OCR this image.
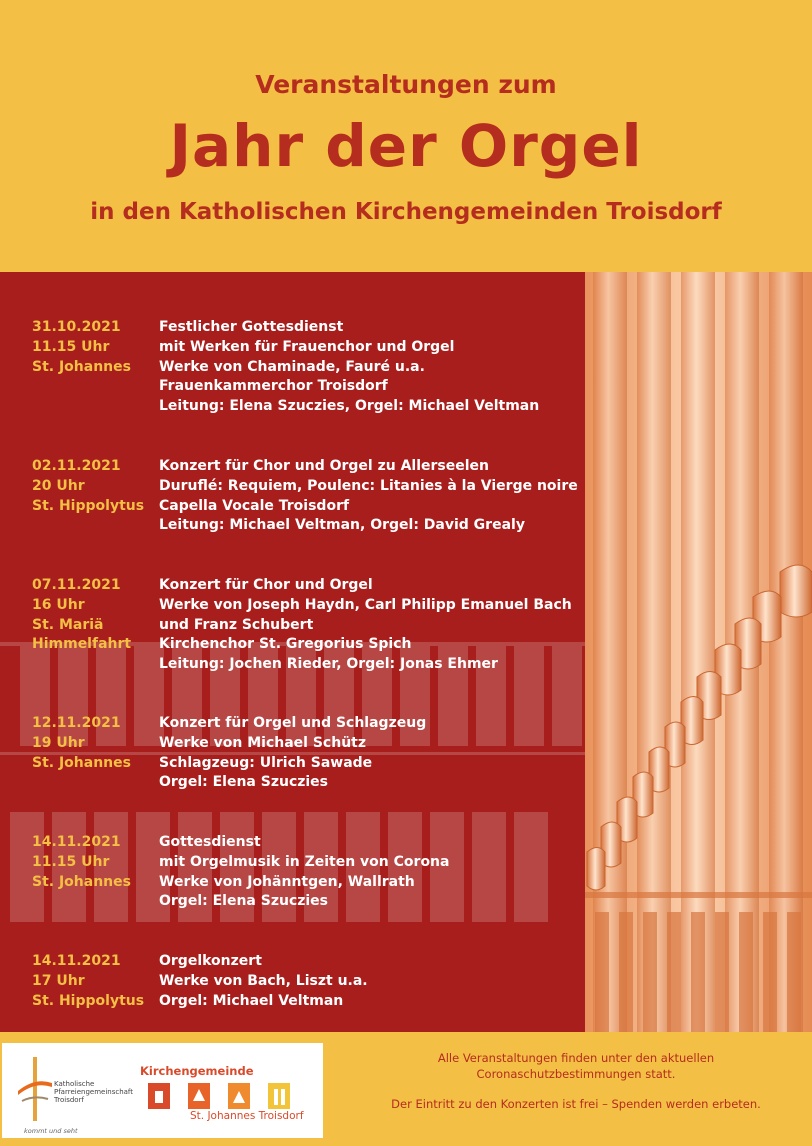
Veranstaltungen zum
Jahr der Orgel
in den Katholischen Kirchengemeinden Troisdorf
31.10.2021
11.15 Uhr
St. Johannes
Festlicher Gottesdienst
mit Werken für Frauenchor und Orgel
Werke von Chaminade, Fauré u.a.
Frauenkammerchor Troisdorf
Leitung: Elena Szuczies, Orgel: Michael Veltman
02.11.2021
20 Uhr
St. Hippolytus
Konzert für Chor und Orgel zu Allerseelen
Duruflé: Requiem, Poulenc: Litanies à la Vierge noire
Capella Vocale Troisdorf
Leitung: Michael Veltman, Orgel: David Grealy
07.11.2021
16 Uhr
St. Mariä
Himmelfahrt
Konzert für Chor und Orgel
Werke von Joseph Haydn, Carl Philipp Emanuel Bach
und Franz Schubert
Kirchenchor St. Gregorius Spich
Leitung: Jochen Rieder, Orgel: Jonas Ehmer
12.11.2021
19 Uhr
St. Johannes
Konzert für Orgel und Schlagzeug
Werke von Michael Schütz
Schlagzeug: Ulrich Sawade
Orgel: Elena Szuczies
14.11.2021
11.15 Uhr
St. Johannes
Gottesdienst
mit Orgelmusik in Zeiten von Corona
Werke von Johänntgen, Wallrath
Orgel: Elena Szuczies
14.11.2021
17 Uhr
St. Hippolytus
Orgelkonzert
Werke von Bach, Liszt u.a.
Orgel: Michael Veltman
Katholische
Pfarreiengemeinschaft
Troisdorf
kommt und seht
Kirchengemeinde
St. Johannes Troisdorf
Alle Veranstaltungen finden unter den aktuellen
Coronaschutzbestimmungen statt.
Der Eintritt zu den Konzerten ist frei – Spenden werden erbeten.
